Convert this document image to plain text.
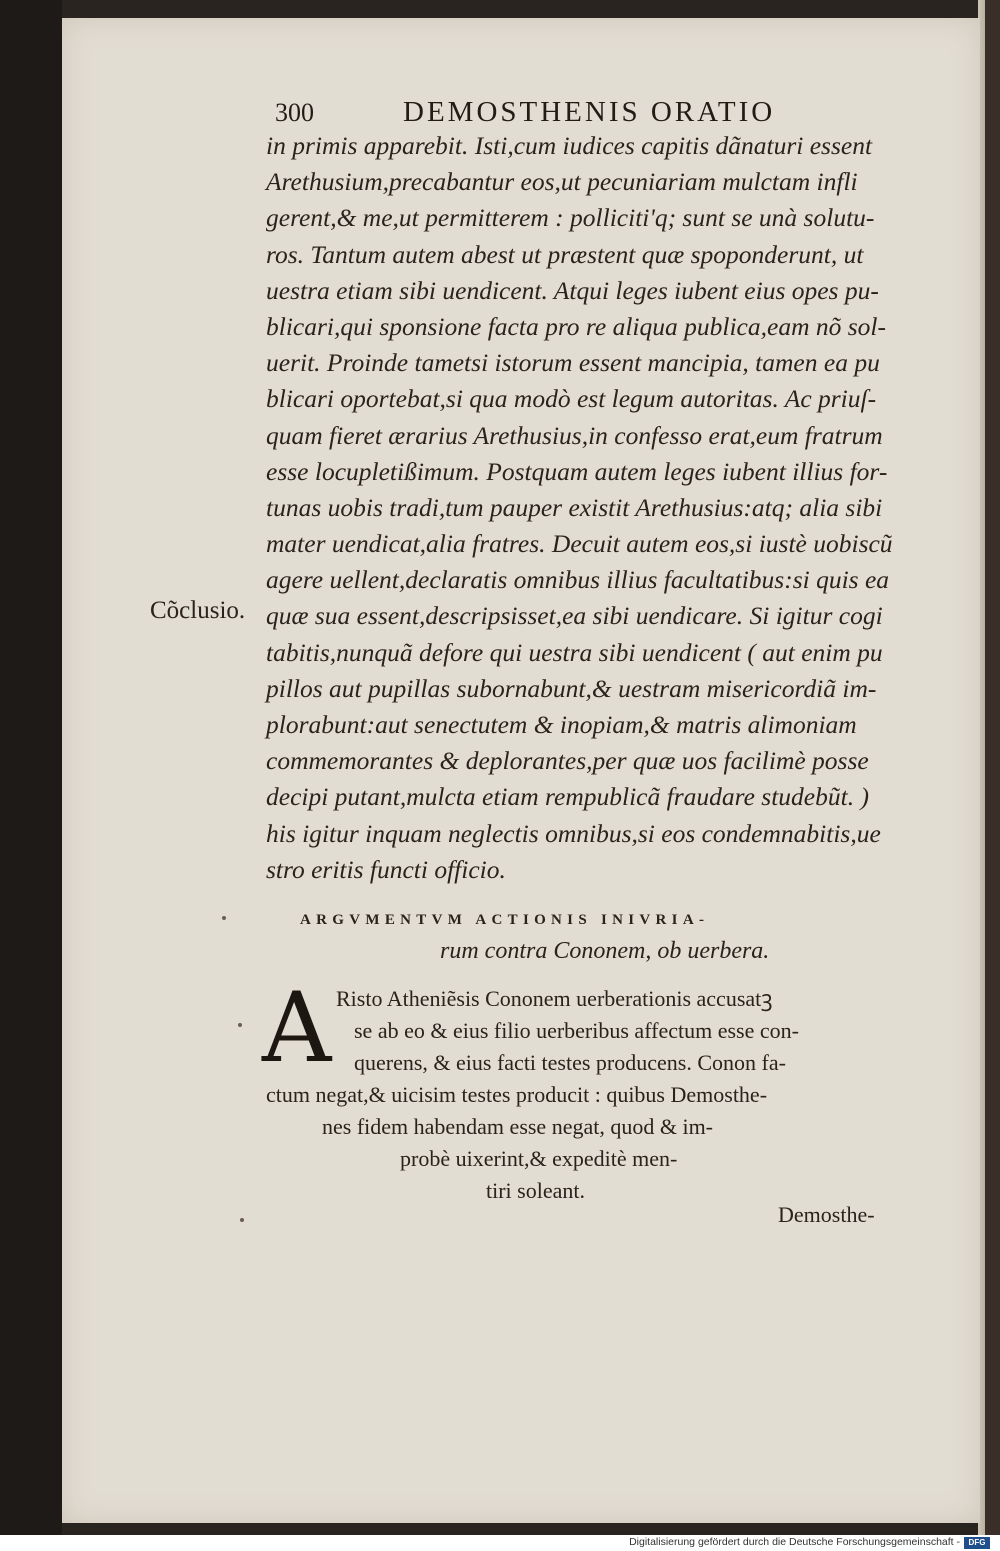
300	DEMOSTHENIS ORATIO
in primis apparebit. Isti,cum iudices capitis dãnaturi essent
Arethusium,precabantur eos,ut pecuniariam mulctam infli
gerent,& me,ut permitterem : polliciti'q; sunt se unà solutu-
ros. Tantum autem abest ut præstent quæ spoponderunt, ut
uestra etiam sibi uendicent. Atqui leges iubent eius opes pu-
blicari,qui sponsione facta pro re aliqua publica,eam nõ sol-
uerit. Proinde tametsi istorum essent mancipia, tamen ea pu
blicari oportebat,si qua modò est legum autoritas. Ac priuſ-
quam fieret ærarius Arethusius,in confesso erat,eum fratrum
esse locupletißimum. Postquam autem leges iubent illius for-
tunas uobis tradi,tum pauper existit Arethusius:atq; alia sibi
mater uendicat,alia fratres. Decuit autem eos,si iustè uobiscũ
agere uellent,declaratis omnibus illius facultatibus:si quis ea
quæ sua essent,descripsisset,ea sibi uendicare. Si igitur cogi
tabitis,nunquã defore qui uestra sibi uendicent ( aut enim pu
pillos aut pupillas subornabunt,& uestram misericordiã im-
plorabunt:aut senectutem & inopiam,& matris alimoniam
commemorantes & deplorantes,per quæ uos facilimè posse
decipi putant,mulcta etiam rempublicã fraudare studebũt. )
his igitur inquam neglectis omnibus,si eos condemnabitis,ue
stro eritis functi officio.
Cõclusio.
ARGVMENTVM ACTIONIS INIVRIA-
rum contra Cononem, ob uerbera.
A Risto Atheniẽsis Cononem uerberationis accusatꝫ
se ab eo & eius filio uerberibus affectum esse con-
querens, & eius facti testes producens. Conon fa-
ctum negat,& uicisim testes producit : quibus Demosthe-
nes fidem habendam esse negat, quod & im-
probè uixerint,& expeditè men-
tiri soleant.
Demosthe-
Digitalisierung gefördert durch die Deutsche Forschungsgemeinschaft -	DFG
